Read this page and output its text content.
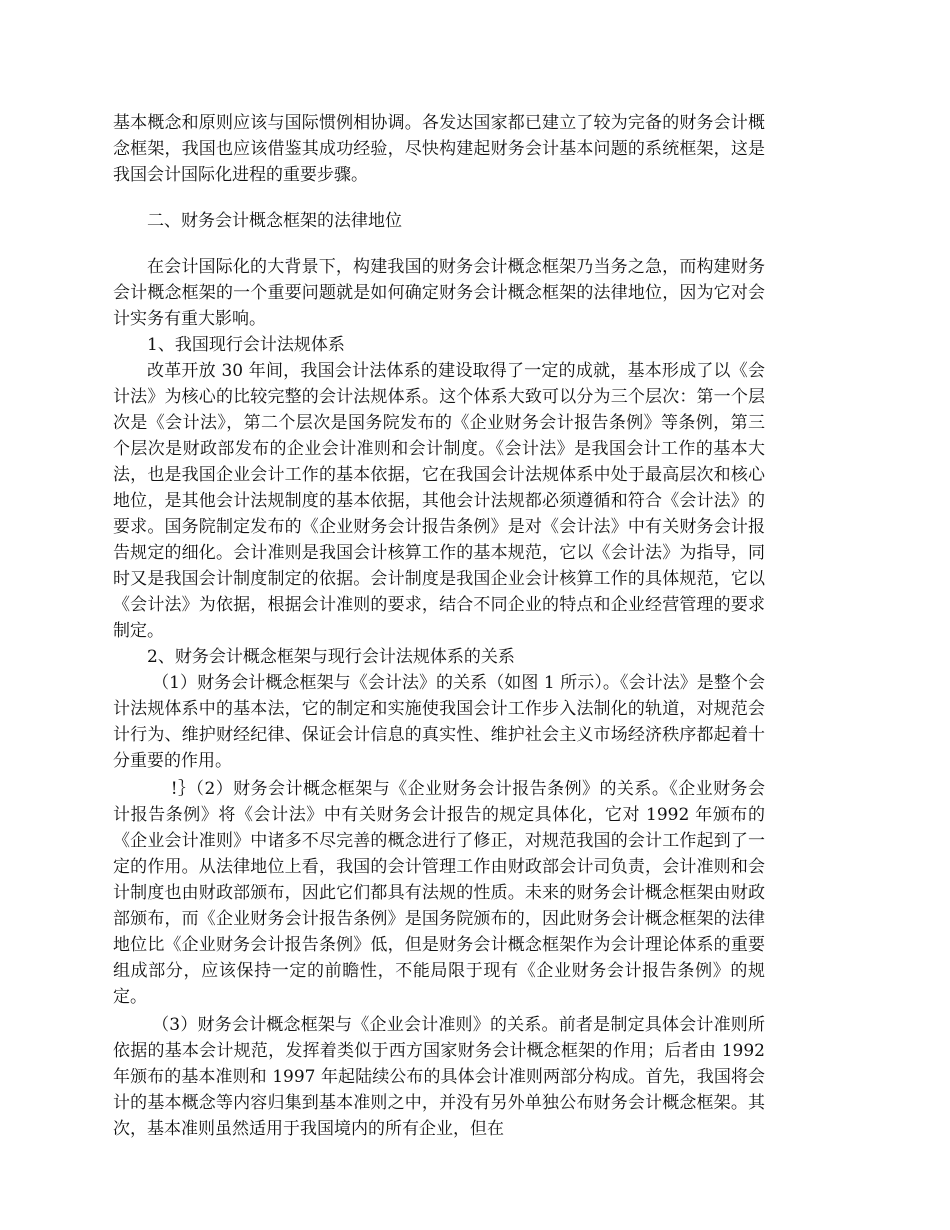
基本概念和原则应该与国际惯例相协调。各发达国家都已建立了较为完备的财务会计概念框架，我国也应该借鉴其成功经验，尽快构建起财务会计基本问题的系统框架，这是我国会计国际化进程的重要步骤。

二、财务会计概念框架的法律地位

在会计国际化的大背景下，构建我国的财务会计概念框架乃当务之急，而构建财务会计概念框架的一个重要问题就是如何确定财务会计概念框架的法律地位，因为它对会计实务有重大影响。

1、我国现行会计法规体系

改革开放 30 年间，我国会计法体系的建设取得了一定的成就，基本形成了以《会计法》为核心的比较完整的会计法规体系。这个体系大致可以分为三个层次：第一个层次是《会计法》，第二个层次是国务院发布的《企业财务会计报告条例》等条例，第三个层次是财政部发布的企业会计准则和会计制度。《会计法》是我国会计工作的基本大法，也是我国企业会计工作的基本依据，它在我国会计法规体系中处于最高层次和核心地位，是其他会计法规制度的基本依据，其他会计法规都必须遵循和符合《会计法》的要求。国务院制定发布的《企业财务会计报告条例》是对《会计法》中有关财务会计报告规定的细化。会计准则是我国会计核算工作的基本规范，它以《会计法》为指导，同时又是我国会计制度制定的依据。会计制度是我国企业会计核算工作的具体规范，它以《会计法》为依据，根据会计准则的要求，结合不同企业的特点和企业经营管理的要求制定。

2、财务会计概念框架与现行会计法规体系的关系

（1）财务会计概念框架与《会计法》的关系（如图 1 所示）。《会计法》是整个会计法规体系中的基本法，它的制定和实施使我国会计工作步入法制化的轨道，对规范会计行为、维护财经纪律、保证会计信息的真实性、维护社会主义市场经济秩序都起着十分重要的作用。

!｝（2）财务会计概念框架与《企业财务会计报告条例》的关系。《企业财务会计报告条例》将《会计法》中有关财务会计报告的规定具体化，它对 1992 年颁布的《企业会计准则》中诸多不尽完善的概念进行了修正，对规范我国的会计工作起到了一定的作用。从法律地位上看，我国的会计管理工作由财政部会计司负责，会计准则和会计制度也由财政部颁布，因此它们都具有法规的性质。未来的财务会计概念框架由财政部颁布，而《企业财务会计报告条例》是国务院颁布的，因此财务会计概念框架的法律地位比《企业财务会计报告条例》低，但是财务会计概念框架作为会计理论体系的重要组成部分，应该保持一定的前瞻性，不能局限于现有《企业财务会计报告条例》的规定。

（3）财务会计概念框架与《企业会计准则》的关系。前者是制定具体会计准则所依据的基本会计规范，发挥着类似于西方国家财务会计概念框架的作用；后者由 1992 年颁布的基本准则和 1997 年起陆续公布的具体会计准则两部分构成。首先，我国将会计的基本概念等内容归集到基本准则之中，并没有另外单独公布财务会计概念框架。其次，基本准则虽然适用于我国境内的所有企业，但在
